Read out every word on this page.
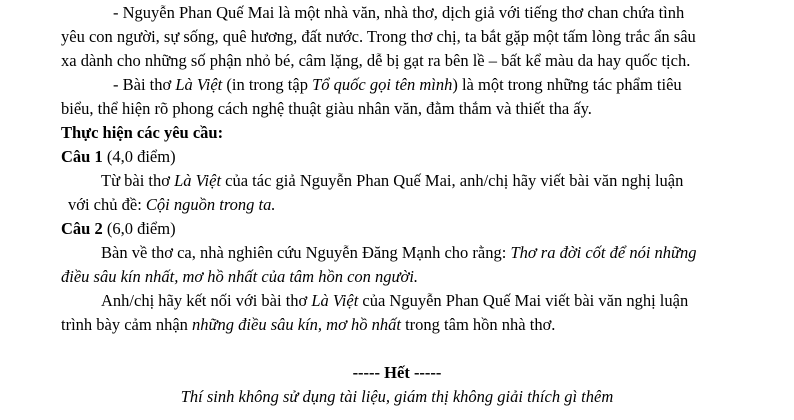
- Nguyễn Phan Quế Mai là một nhà văn, nhà thơ, dịch giả với tiếng thơ chan chứa tình
yêu con người, sự sống, quê hương, đất nước. Trong thơ chị, ta bắt gặp một tấm lòng trắc ẩn sâu
xa dành cho những số phận nhỏ bé, câm lặng, dễ bị gạt ra bên lề – bất kể màu da hay quốc tịch.
- Bài thơ Là Việt (in trong tập Tổ quốc gọi tên mình) là một trong những tác phẩm tiêu
biểu, thể hiện rõ phong cách nghệ thuật giàu nhân văn, đằm thắm và thiết tha ấy.
Thực hiện các yêu cầu:
Câu 1 (4,0 điểm)
Từ bài thơ Là Việt của tác giả Nguyễn Phan Quế Mai, anh/chị hãy viết bài văn nghị luận
với chủ đề: Cội nguồn trong ta.
Câu 2 (6,0 điểm)
Bàn về thơ ca, nhà nghiên cứu Nguyễn Đăng Mạnh cho rằng: Thơ ra đời cốt để nói những
điều sâu kín nhất, mơ hồ nhất của tâm hồn con người.
Anh/chị hãy kết nối với bài thơ Là Việt của Nguyễn Phan Quế Mai viết bài văn nghị luận
trình bày cảm nhận những điều sâu kín, mơ hồ nhất trong tâm hồn nhà thơ.
----- Hết -----
Thí sinh không sử dụng tài liệu, giám thị không giải thích gì thêm
